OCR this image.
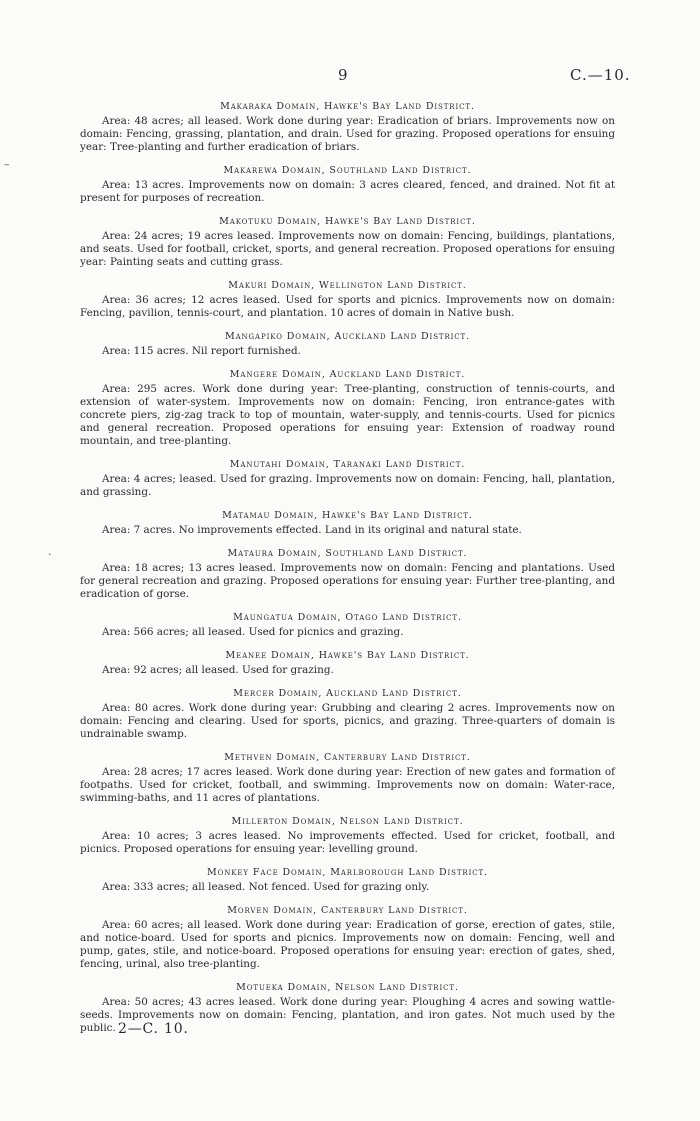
9	C.—10.
–
·
Makaraka Domain, Hawke's Bay Land District.

Area: 48 acres; all leased. Work done during year: Eradication of briars. Improvements now on domain: Fencing, grassing, plantation, and drain. Used for grazing. Proposed operations for ensuing year: Tree-planting and further eradication of briars.

Makarewa Domain, Southland Land District.

Area: 13 acres. Improvements now on domain: 3 acres cleared, fenced, and drained. Not fit at present for purposes of recreation.

Makotuku Domain, Hawke's Bay Land District.

Area: 24 acres; 19 acres leased. Improvements now on domain: Fencing, buildings, plantations, and seats. Used for football, cricket, sports, and general recreation. Proposed operations for ensuing year: Painting seats and cutting grass.

Makuri Domain, Wellington Land District.

Area: 36 acres; 12 acres leased. Used for sports and picnics. Improvements now on domain: Fencing, pavilion, tennis-court, and plantation. 10 acres of domain in Native bush.

Mangapiko Domain, Auckland Land District.

Area: 115 acres. Nil report furnished.

Mangere Domain, Auckland Land District.

Area: 295 acres. Work done during year: Tree-planting, construction of tennis-courts, and extension of water-system. Improvements now on domain: Fencing, iron entrance-gates with concrete piers, zig-zag track to top of mountain, water-supply, and tennis-courts. Used for picnics and general recreation. Proposed operations for ensuing year: Extension of roadway round mountain, and tree-planting.

Manutahi Domain, Taranaki Land District.

Area: 4 acres; leased. Used for grazing. Improvements now on domain: Fencing, hall, plantation, and grassing.

Matamau Domain, Hawke's Bay Land District.

Area: 7 acres. No improvements effected. Land in its original and natural state.

Mataura Domain, Southland Land District.

Area: 18 acres; 13 acres leased. Improvements now on domain: Fencing and plantations. Used for general recreation and grazing. Proposed operations for ensuing year: Further tree-planting, and eradication of gorse.

Maungatua Domain, Otago Land District.

Area: 566 acres; all leased. Used for picnics and grazing.

Meanee Domain, Hawke's Bay Land District.

Area: 92 acres; all leased. Used for grazing.

Mercer Domain, Auckland Land District.

Area: 80 acres. Work done during year: Grubbing and clearing 2 acres. Improvements now on domain: Fencing and clearing. Used for sports, picnics, and grazing. Three-quarters of domain is undrainable swamp.

Methven Domain, Canterbury Land District.

Area: 28 acres; 17 acres leased. Work done during year: Erection of new gates and formation of footpaths. Used for cricket, football, and swimming. Improvements now on domain: Water-race, swimming-baths, and 11 acres of plantations.

Millerton Domain, Nelson Land District.

Area: 10 acres; 3 acres leased. No improvements effected. Used for cricket, football, and picnics. Proposed operations for ensuing year: levelling ground.

Monkey Face Domain, Marlborough Land District.

Area: 333 acres; all leased. Not fenced. Used for grazing only.

Morven Domain, Canterbury Land District.

Area: 60 acres; all leased. Work done during year: Eradication of gorse, erection of gates, stile, and notice-board. Used for sports and picnics. Improvements now on domain: Fencing, well and pump, gates, stile, and notice-board. Proposed operations for ensuing year: erection of gates, shed, fencing, urinal, also tree-planting.

Motueka Domain, Nelson Land District.

Area: 50 acres; 43 acres leased. Work done during year: Ploughing 4 acres and sowing wattle-seeds. Improvements now on domain: Fencing, plantation, and iron gates. Not much used by the public. 2—C. 10.
